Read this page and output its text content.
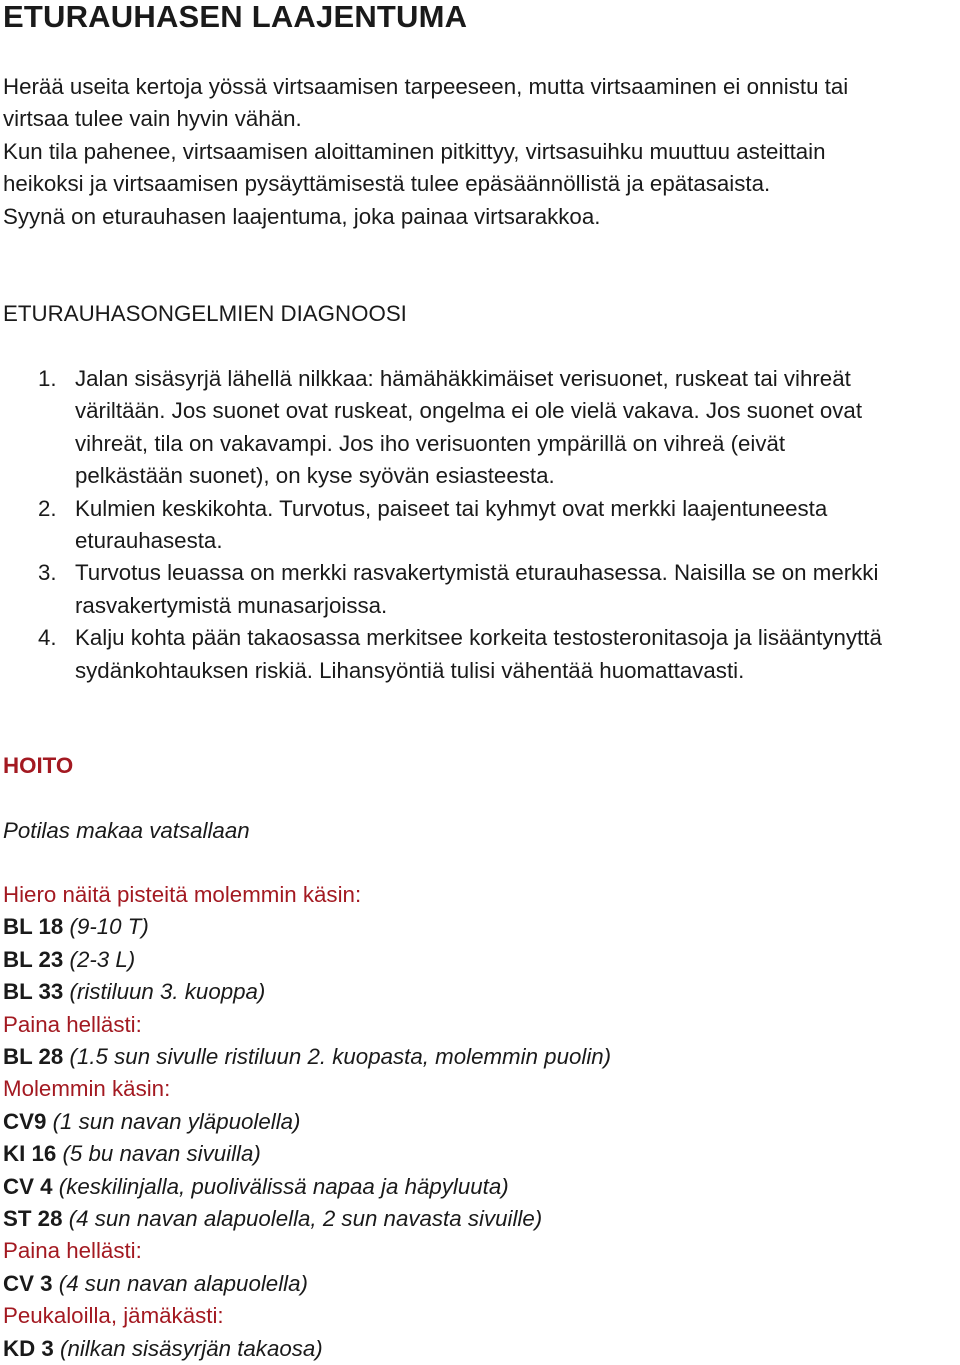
ETURAUHASEN LAAJENTUMA

Herää useita kertoja yössä virtsaamisen tarpeeseen, mutta virtsaaminen ei onnistu tai

virtsaa tulee vain hyvin vähän.

Kun tila pahenee, virtsaamisen aloittaminen pitkittyy, virtsasuihku muuttuu asteittain

heikoksi ja virtsaamisen pysäyttämisestä tulee epäsäännöllistä ja epätasaista.

Syynä on eturauhasen laajentuma, joka painaa virtsarakkoa.

ETURAUHASONGELMIEN DIAGNOOSI
1. Jalan sisäsyrjä lähellä nilkkaa: hämähäkkimäiset verisuonet, ruskeat tai vihreät
väriltään. Jos suonet ovat ruskeat, ongelma ei ole vielä vakava. Jos suonet ovat
vihreät, tila on vakavampi. Jos iho verisuonten ympärillä on vihreä (eivät
pelkästään suonet), on kyse syövän esiasteesta.
2. Kulmien keskikohta. Turvotus, paiseet tai kyhmyt ovat merkki laajentuneesta
eturauhasesta.
3. Turvotus leuassa on merkki rasvakertymistä eturauhasessa. Naisilla se on merkki
rasvakertymistä munasarjoissa.
4. Kalju kohta pään takaosassa merkitsee korkeita testosteronitasoja ja lisääntynyttä
sydänkohtauksen riskiä. Lihansyöntiä tulisi vähentää huomattavasti.
HOITO

Potilas makaa vatsallaan

Hiero näitä pisteitä molemmin käsin:
BL 18 (9-10 T)
BL 23 (2-3 L)
BL 33 (ristiluun 3. kuoppa)
Paina hellästi:
BL 28 (1.5 sun sivulle ristiluun 2. kuopasta, molemmin puolin)
Molemmin käsin:
CV9 (1 sun navan yläpuolella)
KI 16 (5 bu navan sivuilla)
CV 4 (keskilinjalla, puolivälissä napaa ja häpyluuta)
ST 28 (4 sun navan alapuolella, 2 sun navasta sivuille)
Paina hellästi:
CV 3 (4 sun navan alapuolella)
Peukaloilla, jämäkästi:
KD 3 (nilkan sisäsyrjän takaosa)
